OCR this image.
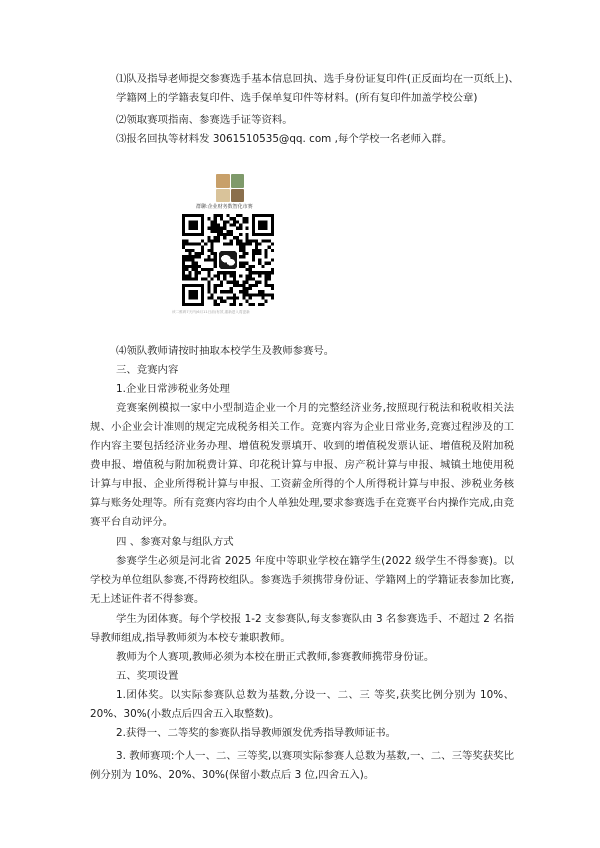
⑴队及指导老师提交参赛选手基本信息回执、选手身份证复印件(正反面均在一页纸上)、学籍网上的学籍表复印件、选手保单复印件等材料。(所有复印件加盖学校公章)

⑵领取赛项指南、参赛选手证等资料。

⑶报名回执等材料发 3061510535@qq. com ,每个学校一名老师入群。

群聊:企业财务数智化市赛
该二维码7天内(6月11日前)有效,重新进入将更新

⑷领队教师请按时抽取本校学生及教师参赛号。

三、竞赛内容

1.企业日常涉税业务处理

竞赛案例模拟一家中小型制造企业一个月的完整经济业务,按照现行税法和税收相关法规、小企业会计准则的规定完成税务相关工作。竞赛内容为企业日常业务,竞赛过程涉及的工作内容主要包括经济业务办理、增值税发票填开、收到的增值税发票认证、增值税及附加税费申报、增值税与附加税费计算、印花税计算与申报、房产税计算与申报、城镇土地使用税计算与申报、企业所得税计算与申报、工资薪金所得的个人所得税计算与申报、涉税业务核算与账务处理等。所有竞赛内容均由个人单独处理,要求参赛选手在竞赛平台内操作完成,由竞赛平台自动评分。

四 、参赛对象与组队方式

参赛学生必须是河北省 2025 年度中等职业学校在籍学生(2022 级学生不得参赛)。以学校为单位组队参赛,不得跨校组队。参赛选手须携带身份证、学籍网上的学籍证表参加比赛,无上述证件者不得参赛。

学生为团体赛。每个学校报 1-2 支参赛队,每支参赛队由 3 名参赛选手、不超过 2 名指导教师组成,指导教师须为本校专兼职教师。

教师为个人赛项,教师必须为本校在册正式教师,参赛教师携带身份证。

五、奖项设置

1.团体奖。以实际参赛队总数为基数,分设一、二、三 等奖,获奖比例分别为 10%、20%、30%(小数点后四舍五入取整数)。

2.获得一、二等奖的参赛队指导教师颁发优秀指导教师证书。

3. 教师赛项:个人一、二、三等奖,以赛项实际参赛人总数为基数,一、二、三等奖获奖比例分别为 10%、20%、30%(保留小数点后 3 位,四舍五入)。
